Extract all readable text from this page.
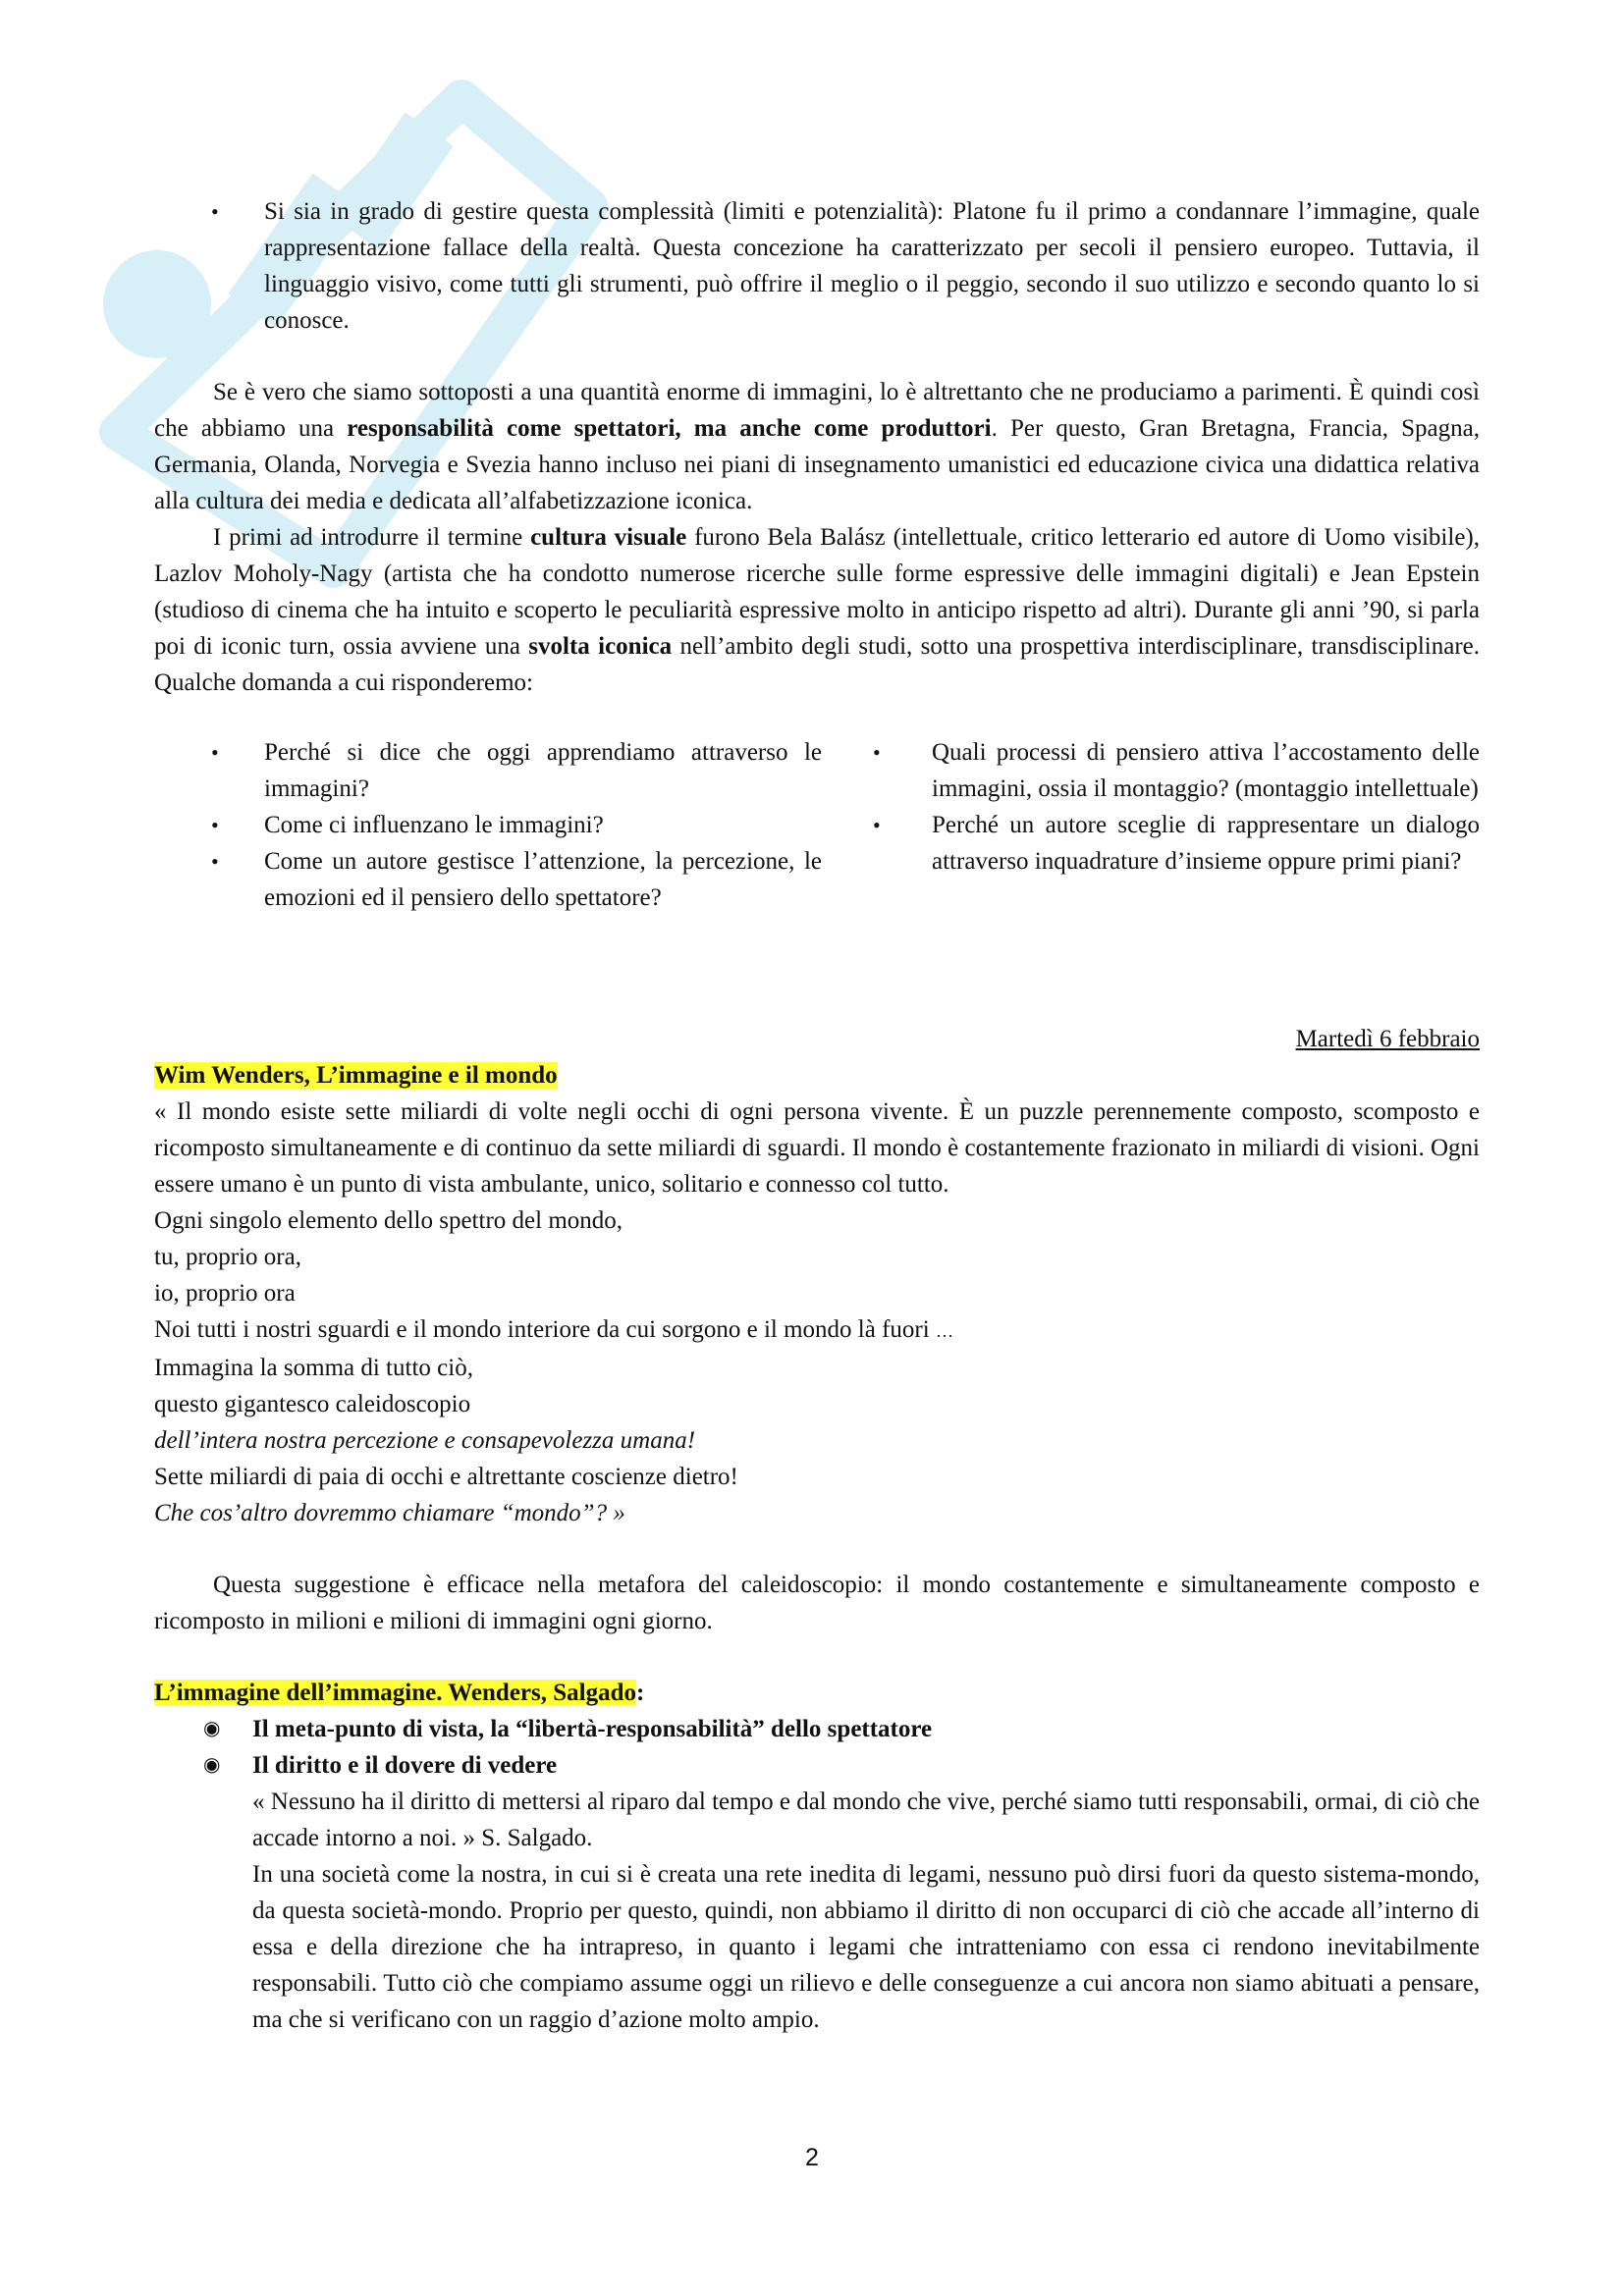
• Si sia in grado di gestire questa complessità (limiti e potenzialità): Platone fu il primo a condannare l’immagine, quale rappresentazione fallace della realtà. Questa concezione ha caratterizzato per secoli il pensiero europeo. Tuttavia, il linguaggio visivo, come tutti gli strumenti, può offrire il meglio o il peggio, secondo il suo utilizzo e secondo quanto lo si conosce.

Se è vero che siamo sottoposti a una quantità enorme di immagini, lo è altrettanto che ne produciamo a parimenti. È quindi così che abbiamo una responsabilità come spettatori, ma anche come produttori. Per questo, Gran Bretagna, Francia, Spagna, Germania, Olanda, Norvegia e Svezia hanno incluso nei piani di insegnamento umanistici ed educazione civica una didattica relativa alla cultura dei media e dedicata all’alfabetizzazione iconica.

I primi ad introdurre il termine cultura visuale furono Bela Balász (intellettuale, critico letterario ed autore di Uomo visibile), Lazlov Moholy-Nagy (artista che ha condotto numerose ricerche sulle forme espressive delle immagini digitali) e Jean Epstein (studioso di cinema che ha intuito e scoperto le peculiarità espressive molto in anticipo rispetto ad altri). Durante gli anni ’90, si parla poi di iconic turn, ossia avviene una svolta iconica nell’ambito degli studi, sotto una prospettiva interdisciplinare, transdisciplinare. Qualche domanda a cui risponderemo:

• Perché si dice che oggi apprendiamo attraverso le immagini?

• Come ci influenzano le immagini?

• Come un autore gestisce l’attenzione, la percezione, le emozioni ed il pensiero dello spettatore?

• Quali processi di pensiero attiva l’accostamento delle immagini, ossia il montaggio? (montaggio intellettuale)

• Perché un autore sceglie di rappresentare un dialogo attraverso inquadrature d’insieme oppure primi piani?

Martedì 6 febbraio

Wim Wenders, L’immagine e il mondo

« Il mondo esiste sette miliardi di volte negli occhi di ogni persona vivente. È un puzzle perennemente composto, scomposto e ricomposto simultaneamente e di continuo da sette miliardi di sguardi. Il mondo è costantemente frazionato in miliardi di visioni. Ogni essere umano è un punto di vista ambulante, unico, solitario e connesso col tutto.

Ogni singolo elemento dello spettro del mondo,

tu, proprio ora,

io, proprio ora

Noi tutti i nostri sguardi e il mondo interiore da cui sorgono e il mondo là fuori …

Immagina la somma di tutto ciò,

questo gigantesco caleidoscopio

dell’intera nostra percezione e consapevolezza umana!

Sette miliardi di paia di occhi e altrettante coscienze dietro!

Che cos’altro dovremmo chiamare “mondo”? »

Questa suggestione è efficace nella metafora del caleidoscopio: il mondo costantemente e simultaneamente composto e ricomposto in milioni e milioni di immagini ogni giorno.

L’immagine dell’immagine. Wenders, Salgado:

◉ Il meta-punto di vista, la “libertà-responsabilità” dello spettatore

◉ Il diritto e il dovere di vedere

« Nessuno ha il diritto di mettersi al riparo dal tempo e dal mondo che vive, perché siamo tutti responsabili, ormai, di ciò che accade intorno a noi. » S. Salgado.

In una società come la nostra, in cui si è creata una rete inedita di legami, nessuno può dirsi fuori da questo sistema-mondo, da questa società-mondo. Proprio per questo, quindi, non abbiamo il diritto di non occuparci di ciò che accade all’interno di essa e della direzione che ha intrapreso, in quanto i legami che intratteniamo con essa ci rendono inevitabilmente responsabili. Tutto ciò che compiamo assume oggi un rilievo e delle conseguenze a cui ancora non siamo abituati a pensare, ma che si verificano con un raggio d’azione molto ampio.

2
